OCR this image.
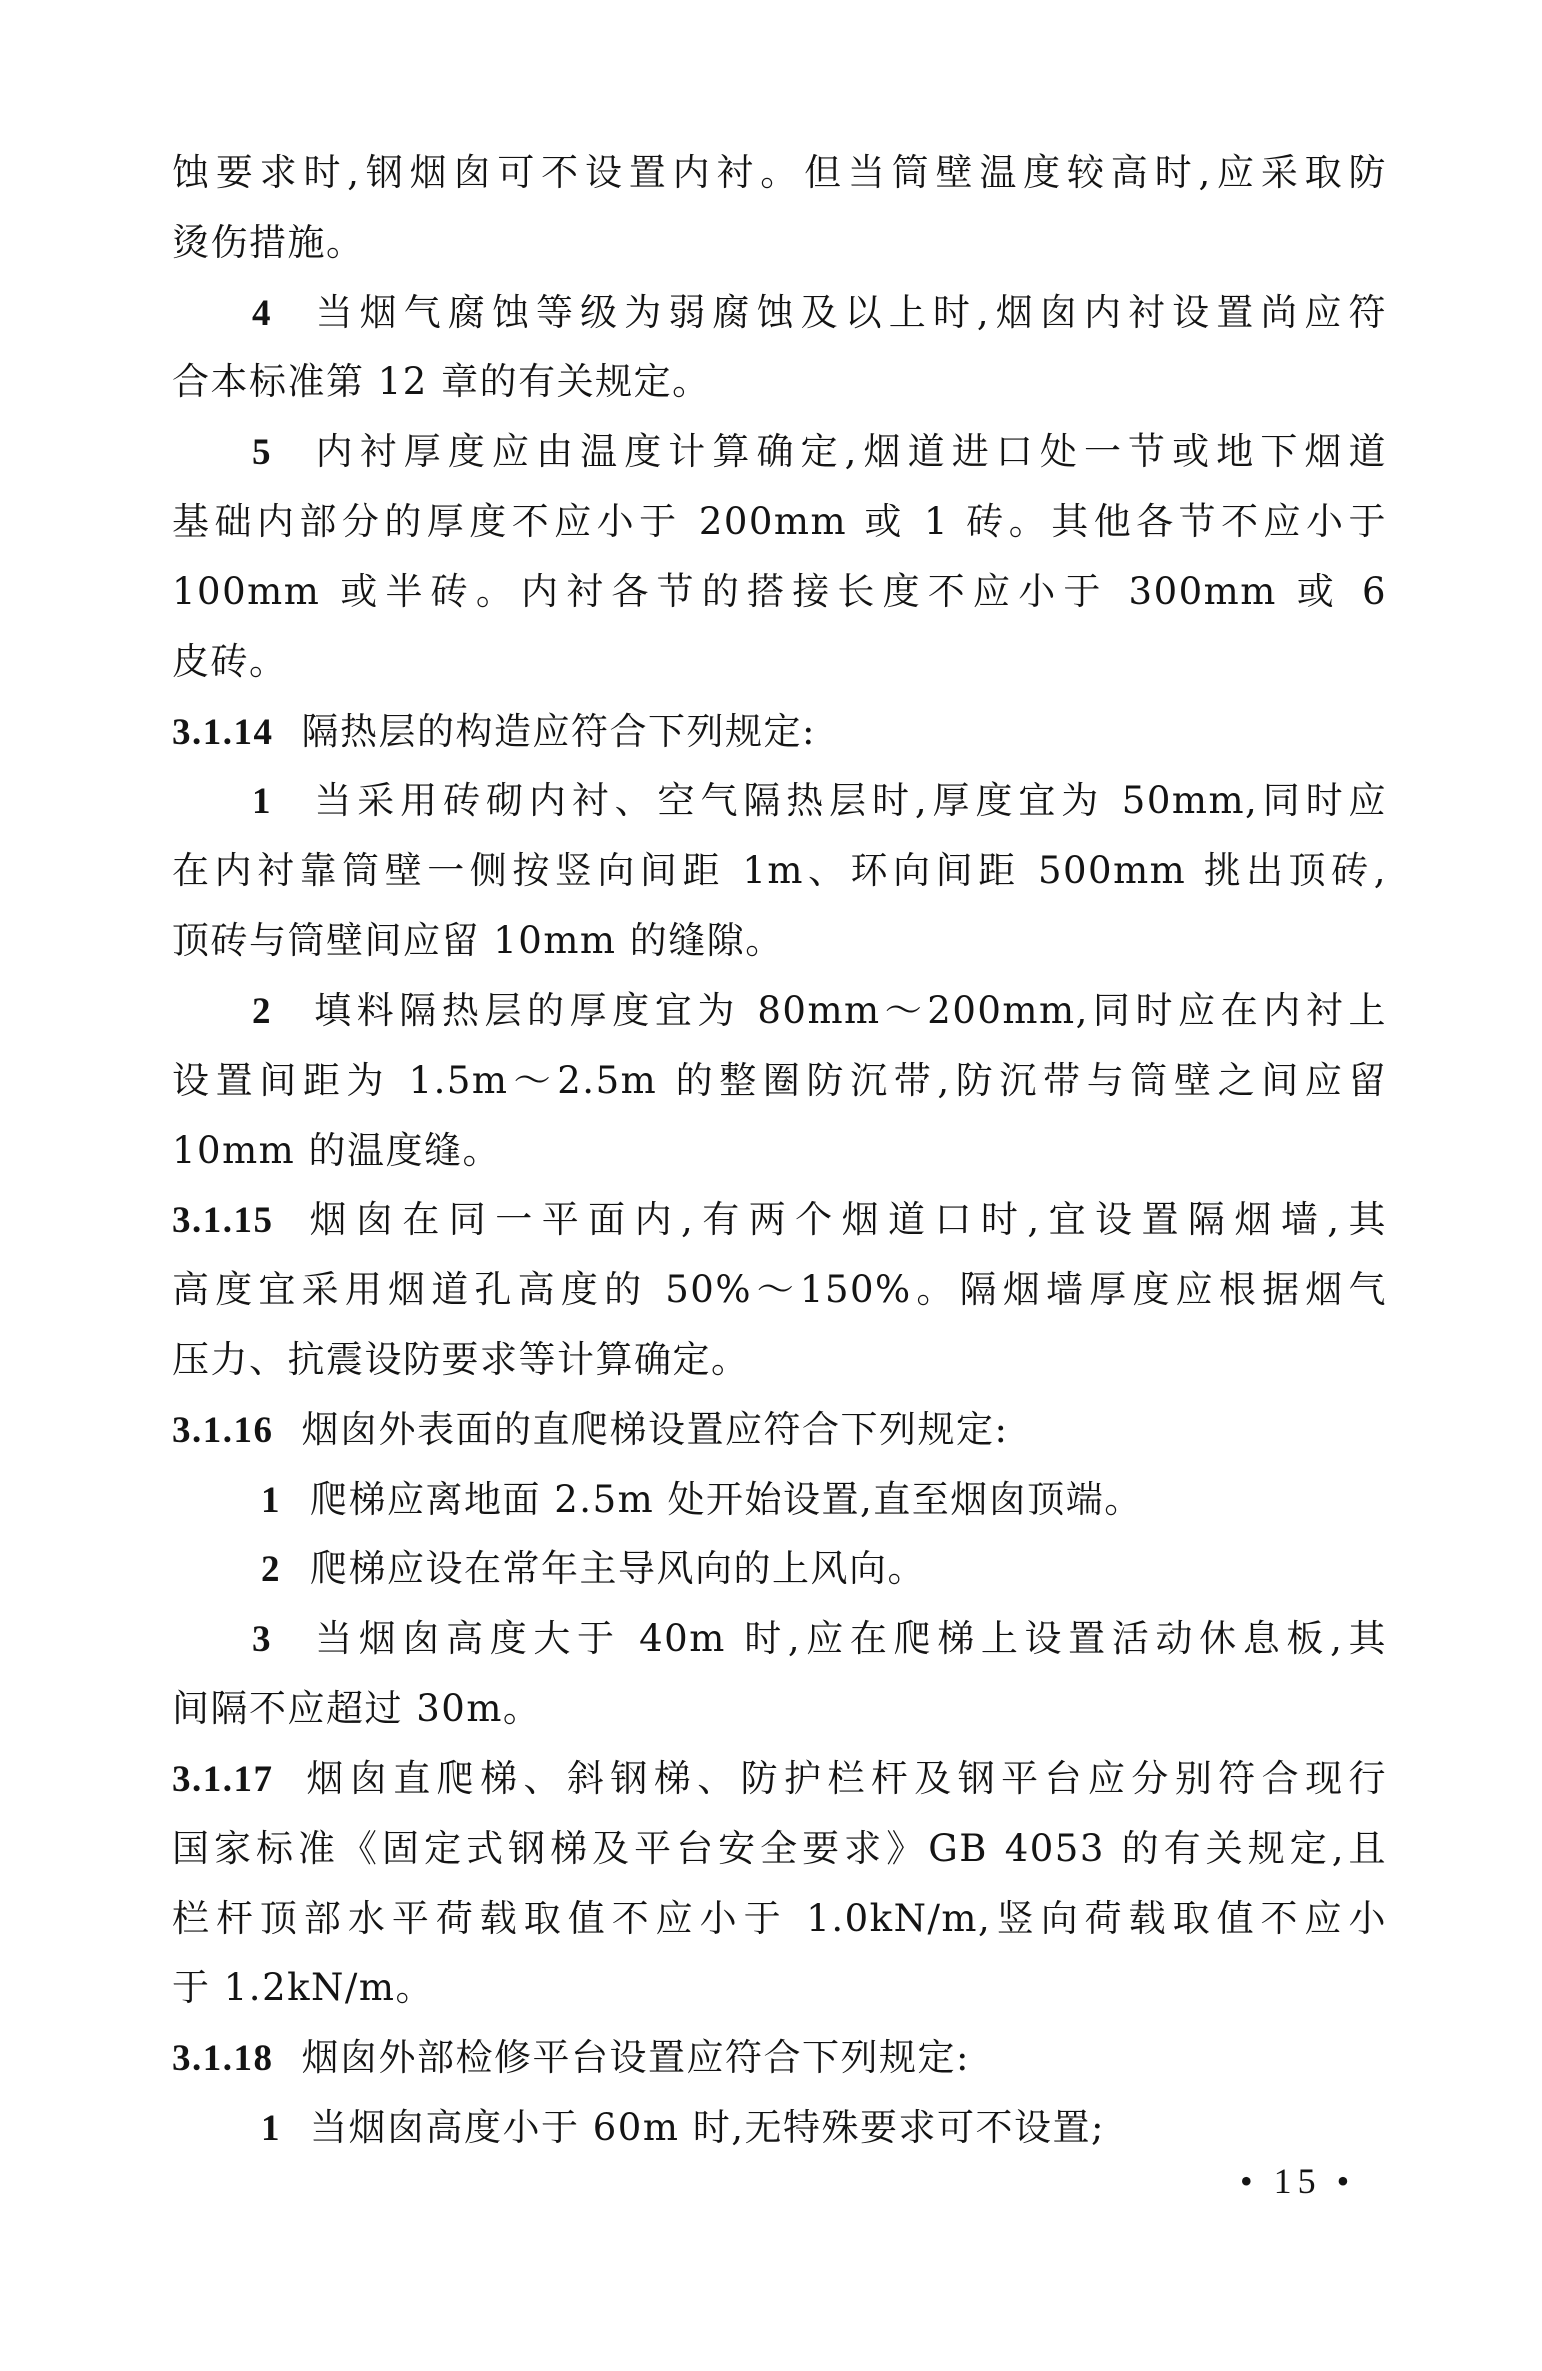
蚀要求时,钢烟囱可不设置内衬。但当筒壁温度较高时,应采取防
烫伤措施。
4 当烟气腐蚀等级为弱腐蚀及以上时,烟囱内衬设置尚应符
合本标准第 12 章的有关规定。
5 内衬厚度应由温度计算确定,烟道进口处一节或地下烟道
基础内部分的厚度不应小于 200mm 或 1 砖。其他各节不应小于
100mm 或半砖。内衬各节的搭接长度不应小于 300mm 或 6
皮砖。
3.1.14 隔热层的构造应符合下列规定:
1 当采用砖砌内衬、空气隔热层时,厚度宜为 50mm,同时应
在内衬靠筒壁一侧按竖向间距 1m、环向间距 500mm 挑出顶砖,
顶砖与筒壁间应留 10mm 的缝隙。
2 填料隔热层的厚度宜为 80mm～200mm,同时应在内衬上
设置间距为 1.5m～2.5m 的整圈防沉带,防沉带与筒壁之间应留
10mm 的温度缝。
3.1.15 烟囱在同一平面内,有两个烟道口时,宜设置隔烟墙,其
高度宜采用烟道孔高度的 50%～150%。隔烟墙厚度应根据烟气
压力、抗震设防要求等计算确定。
3.1.16 烟囱外表面的直爬梯设置应符合下列规定:
1 爬梯应离地面 2.5m 处开始设置,直至烟囱顶端。
2 爬梯应设在常年主导风向的上风向。
3 当烟囱高度大于 40m 时,应在爬梯上设置活动休息板,其
间隔不应超过 30m。
3.1.17 烟囱直爬梯、斜钢梯、防护栏杆及钢平台应分别符合现行
国家标准《固定式钢梯及平台安全要求》GB 4053 的有关规定,且
栏杆顶部水平荷载取值不应小于 1.0kN/m,竖向荷载取值不应小
于 1.2kN/m。
3.1.18 烟囱外部检修平台设置应符合下列规定:
1 当烟囱高度小于 60m 时,无特殊要求可不设置;
• 15 •
